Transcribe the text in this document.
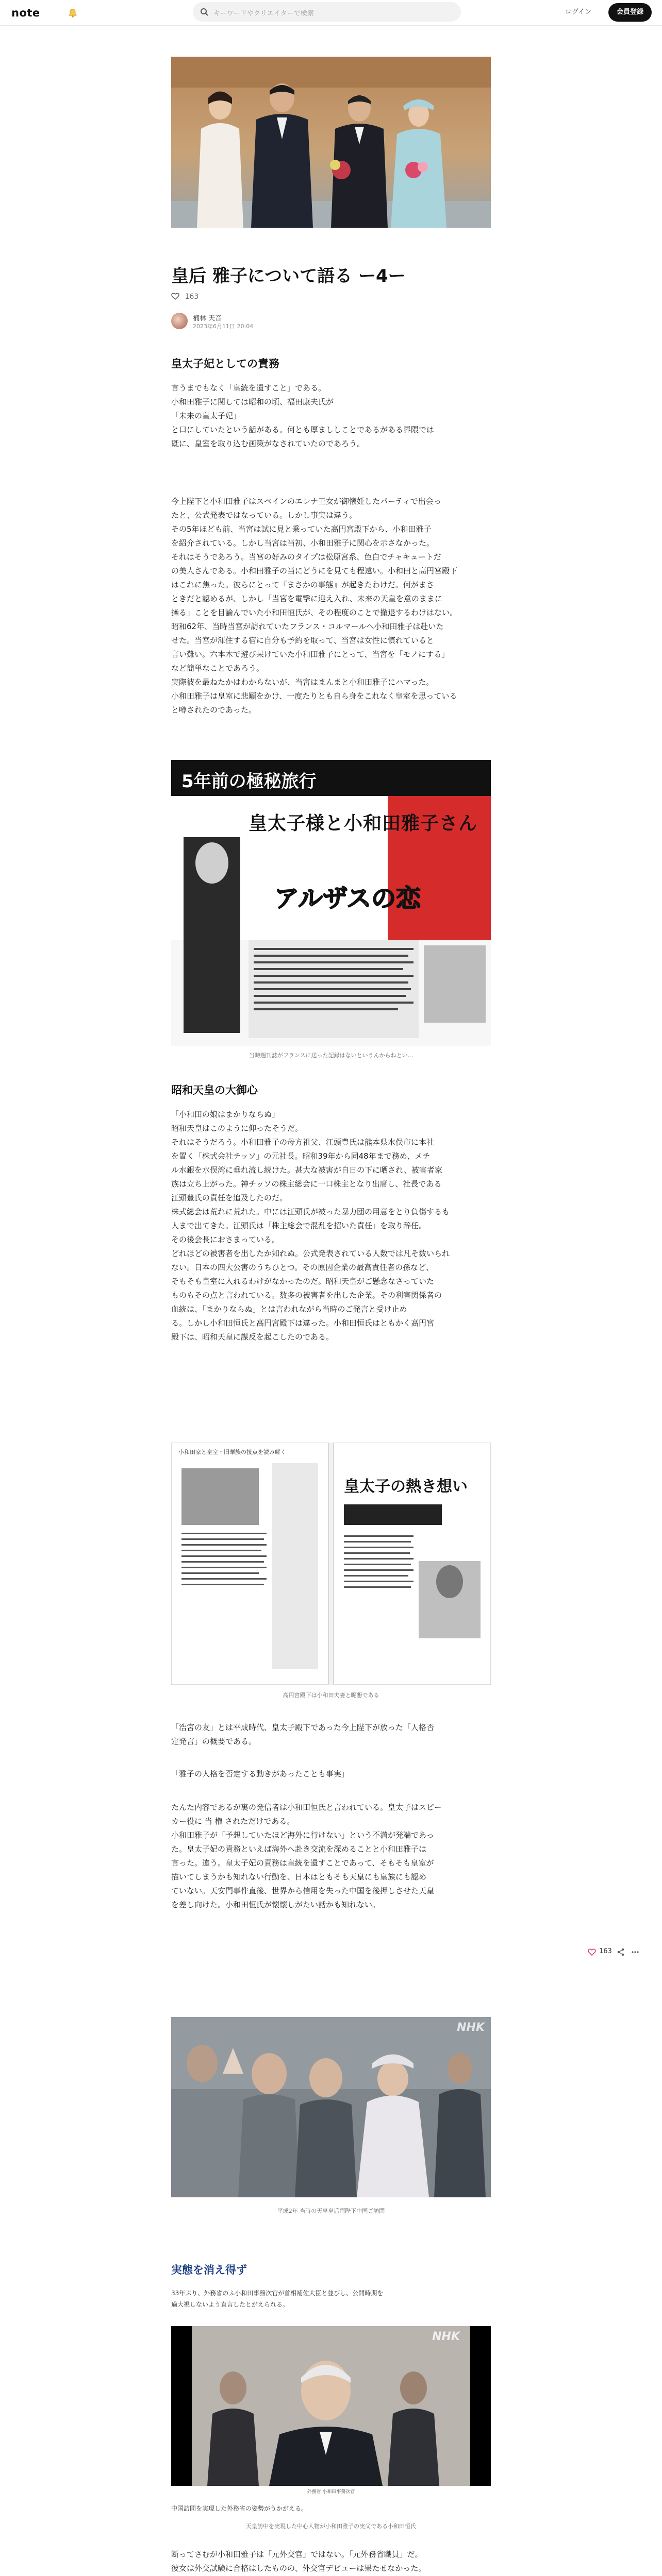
note	キーワードやクリエイターで検索	ログイン	会員登録
皇后 雅子について語る ー4ー
163
楠林 天音
2023年6月11日 20:04
皇太子妃としての責務
言うまでもなく「皇統を遺すこと」である。
小和田雅子に関しては昭和の頃、福田康夫氏が
「未来の皇太子妃」
と口にしていたという話がある。何とも厚まししことであるがある界隈では
既に、皇室を取り込む画策がなされていたのであろう。
今上陛下と小和田雅子はスペインのエレナ王女が御懐妊したパーティで出会っ
たと、公式発表ではなっている。しかし事実は違う。
その5年ほども前、当宮は試に見と乗っていた高円宮殿下から、小和田雅子
を紹介されている。しかし当宮は当初、小和田雅子に関心を示さなかった。
それはそうであろう。当宮の好みのタイプは松原宮系、色白でチャキュートだ
の美人さんである。小和田雅子の当にどうにを見ても程遠い。小和田と高円宮殿下
はこれに焦った。彼らにとって『まさかの事態』が起きたわけだ。何がまさ
ときだと認めるが、しかし「当宮を電撃に迎え入れ、未来の天皇を意のままに
操る」ことを目論んでいた小和田恒氏が、その程度のことで撤退するわけはない。
昭和62年、当時当宮が訪れていたフランス・コルマールへ小和田雅子は赴いた
せた。当宮が渾住する宿に自分も予約を取って、当宮は女性に慣れていると
言い難い。六本木で遊び呆けていた小和田雅子にとって、当宮を「モノにする」
など簡単なことであろう。
実際彼を最ねたかはわからないが、当宮はまんまと小和田雅子にハマった。
小和田雅子は皇室に悲願をかけ、一度たりとも自ら身をこれなく皇室を思っている
と噂されたのであった。
5年前の極秘旅行
皇太子様と小和田雅子さん
アルザスの恋
当時週刊誌がフランスに送った記録はないというんからねとい...
昭和天皇の大御心
「小和田の娘はまかりならぬ」
昭和天皇はこのように仰ったそうだ。
それはそうだろう。小和田雅子の母方祖父、江頭豊氏は熊本県水俣市に本社
を置く「株式会社チッソ」の元社長。昭和39年から同48年まで務め、メチ
ル水銀を水俣湾に垂れ流し続けた。甚大な被害が自日の下に晒され、被害者家
族は立ち上がった。神チッソの株主総会に一口株主となり出席し、社長である
江頭豊氏の責任を追及したのだ。
株式総会は荒れに荒れた。中には江頭氏が被った暴力団の用意をとり負傷するも
人まで出てきた。江頭氏は「株主総会で混乱を招いた責任」を取り辞任。
その後会長におさまっている。
どれほどの被害者を出したか知れぬ。公式発表されている人数では凡そ数いられ
ない。日本の四大公害のうちひとつ。その原因企業の最高責任者の孫など、
そもそも皇室に入れるわけがなかったのだ。昭和天皇がご懸念なさっていた
ものもその点と言われている。数多の被害者を出した企業。その利害関係者の
血統は、「まかりならぬ」とは言われながら当時のご発言と受け止め
る。しかし小和田恒氏と高円宮殿下は違った。小和田恒氏はともかく高円宮
殿下は、昭和天皇に謀反を起こしたのである。
小和田家と皇室・旧華族の接点を読み解く
皇太子の熱き想い
高円宮殿下は小和田夫妻と昵懇である
「浩宮の友」とは平成時代、皇太子殿下であった今上陛下が放った「人格否
定発言」の概要である。
「雅子の人格を否定する動きがあったことも事実」
たんた内容であるが裏の発信者は小和田恒氏と言われている。皇太子はスピー
カー役に 当 権 されただけである。
小和田雅子が「予想していたほど海外に行けない」という不満が発端であっ
た。皇太子妃の責務といえば海外へ赴き交流を深めることと小和田雅子は
言った。違う。皇太子妃の責務は皇統を遺すことであって、そもそも皇室が
描いてしまうかも知れない行動を、日本はともそも天皇にも皇族にも認め
ていない。天安門事件直後、世界から信用を失った中国を後押しさせた天皇
を差し向けた。小和田恒氏が懐懐しがたい話かも知れない。
163
NHK
平成2年 当時の天皇皇后両陛下中国ご訪問
実態を消え得ず
33年ぶり、外務省のふ小和田事務次官が首相補佐大臣と並びし、公開時期を
過大視しないよう直言したとがえられる。
NHK
外務省 小和田事務次官
中国訪問を実現した外務省の姿勢がうかがえる。
天皇訪中を実現した中心人物が小和田雅子の実父である小和田恒氏
断ってさむが小和田雅子は「元外交官」ではない。「元外務省職員」だ。
彼女は外交試験に合格はしたものの、外交官デビューは果たせなかった。
